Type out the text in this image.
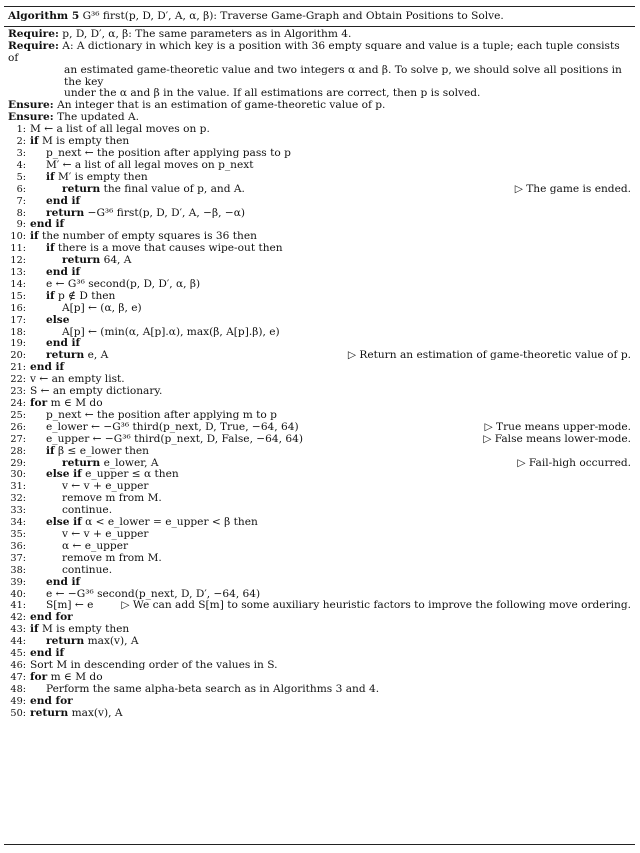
Algorithm 5 G³⁶ first(p, D, D′, A, α, β): Traverse Game-Graph and Obtain Positions to Solve.
Require: p, D, D′, α, β: The same parameters as in Algorithm 4.
Require: A: A dictionary in which key is a position with 36 empty square and value is a tuple; each tuple consists of
an estimated game-theoretic value and two integers α and β. To solve p, we should solve all positions in the key
under the α and β in the value. If all estimations are correct, then p is solved.
Ensure: An integer that is an estimation of game-theoretic value of p.
Ensure: The updated A.
1: M ← a list of all legal moves on p.
2: if M is empty then
3:	p_next ← the position after applying pass to p
4:	M′ ← a list of all legal moves on p_next
5:	if M′ is empty then
6:	return the final value of p, and A.	▷ The game is ended.
7:	end if
8:	return −G³⁶ first(p, D, D′, A, −β, −α)
9: end if
10: if the number of empty squares is 36 then
11:	if there is a move that causes wipe-out then
12:	return 64, A
13:	end if
14:	e ← G³⁶ second(p, D, D′, α, β)
15:	if p ∉ D then
16:	A[p] ← (α, β, e)
17:	else
18:	A[p] ← (min(α, A[p].α), max(β, A[p].β), e)
19:	end if
20:	return e, A	▷ Return an estimation of game-theoretic value of p.
21: end if
22: v ← an empty list.
23: S ← an empty dictionary.
24: for m ∈ M do
25:	p_next ← the position after applying m to p
26:	e_lower ← −G³⁶ third(p_next, D, True, −64, 64)	▷ True means upper-mode.
27:	e_upper ← −G³⁶ third(p_next, D, False, −64, 64)	▷ False means lower-mode.
28:	if β ≤ e_lower then
29:	return e_lower, A	▷ Fail-high occurred.
30:	else if e_upper ≤ α then
31:	v ← v + e_upper
32:	remove m from M.
33:	continue.
34:	else if α < e_lower = e_upper < β then
35:	v ← v + e_upper
36:	α ← e_upper
37:	remove m from M.
38:	continue.
39:	end if
40:	e ← −G³⁶ second(p_next, D, D′, −64, 64)
41:	S[m] ← e	▷ We can add S[m] to some auxiliary heuristic factors to improve the following move ordering.
42: end for
43: if M is empty then
44:	return max(v), A
45: end if
46: Sort M in descending order of the values in S.
47: for m ∈ M do
48:	Perform the same alpha-beta search as in Algorithms 3 and 4.
49: end for
50: return max(v), A
